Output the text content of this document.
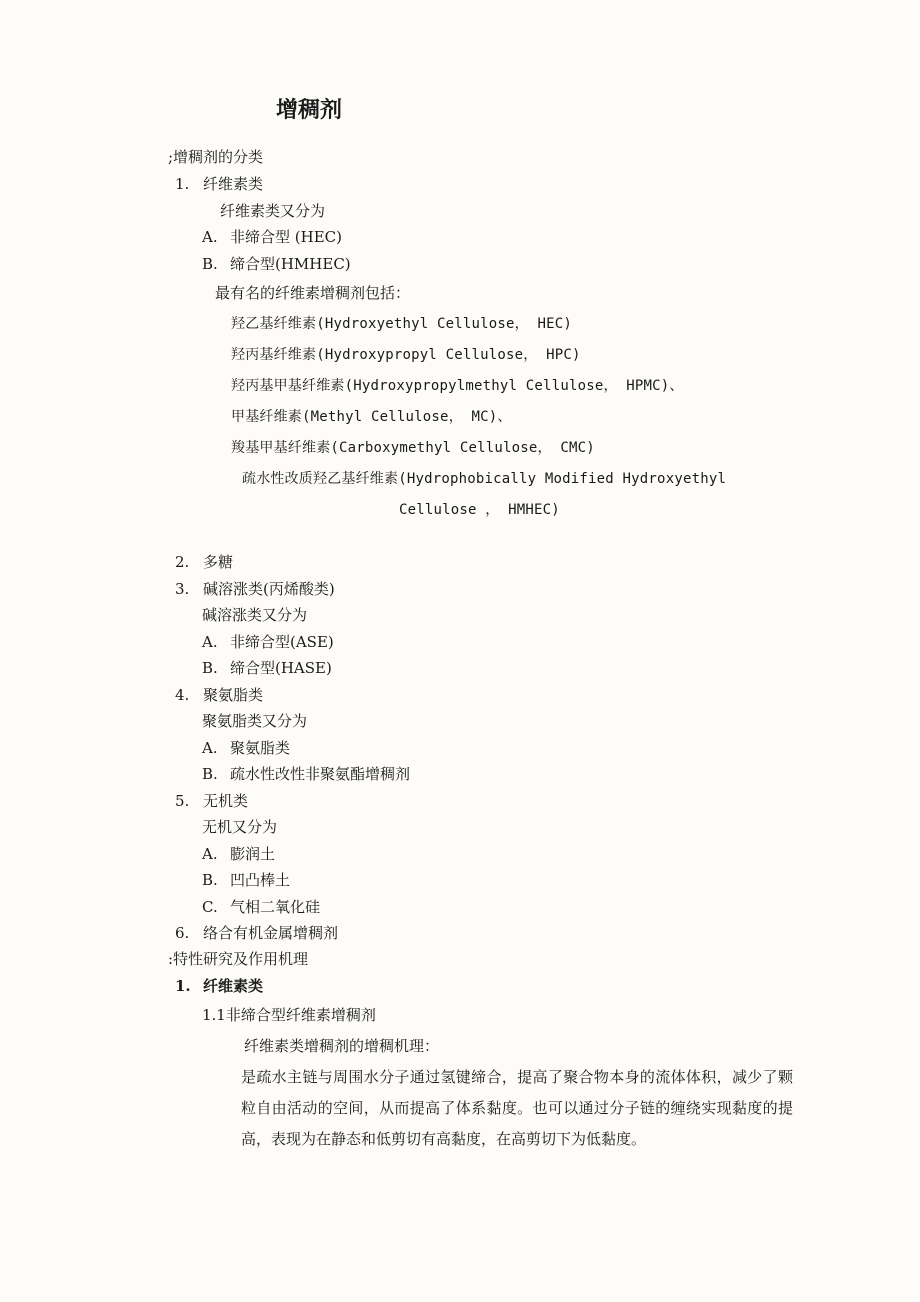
增稠剂
;增稠剂的分类
1. 纤维素类
纤维素类又分为
A. 非缔合型 (HEC)
B. 缔合型(HMHEC)
最有名的纤维素增稠剂包括：
羟乙基纤维素(Hydroxyethyl Cellulose， HEC)
羟丙基纤维素(Hydroxypropyl Cellulose， HPC)
羟丙基甲基纤维素(Hydroxypropylmethyl Cellulose， HPMC)、
甲基纤维素(Methyl Cellulose， MC)、
羧基甲基纤维素(Carboxymethyl Cellulose， CMC)
疏水性改质羟乙基纤维素(Hydrophobically Modified Hydroxyethyl
Cellulose ， HMHEC)
2. 多糖
3. 碱溶涨类(丙烯酸类)
碱溶涨类又分为
A. 非缔合型(ASE)
B. 缔合型(HASE)
4. 聚氨脂类
聚氨脂类又分为
A. 聚氨脂类
B. 疏水性改性非聚氨酯增稠剂
5. 无机类
无机又分为
A. 膨润土
B. 凹凸棒土
C. 气相二氧化硅
6. 络合有机金属增稠剂
:特性研究及作用机理
1. 纤维素类
1.1非缔合型纤维素增稠剂
纤维素类增稠剂的增稠机理：
是疏水主链与周围水分子通过氢键缔合，提高了聚合物本身的流体体积，减少了颗粒自由活动的空间，从而提高了体系黏度。也可以通过分子链的缠绕实现黏度的提高，表现为在静态和低剪切有高黏度，在高剪切下为低黏度。
